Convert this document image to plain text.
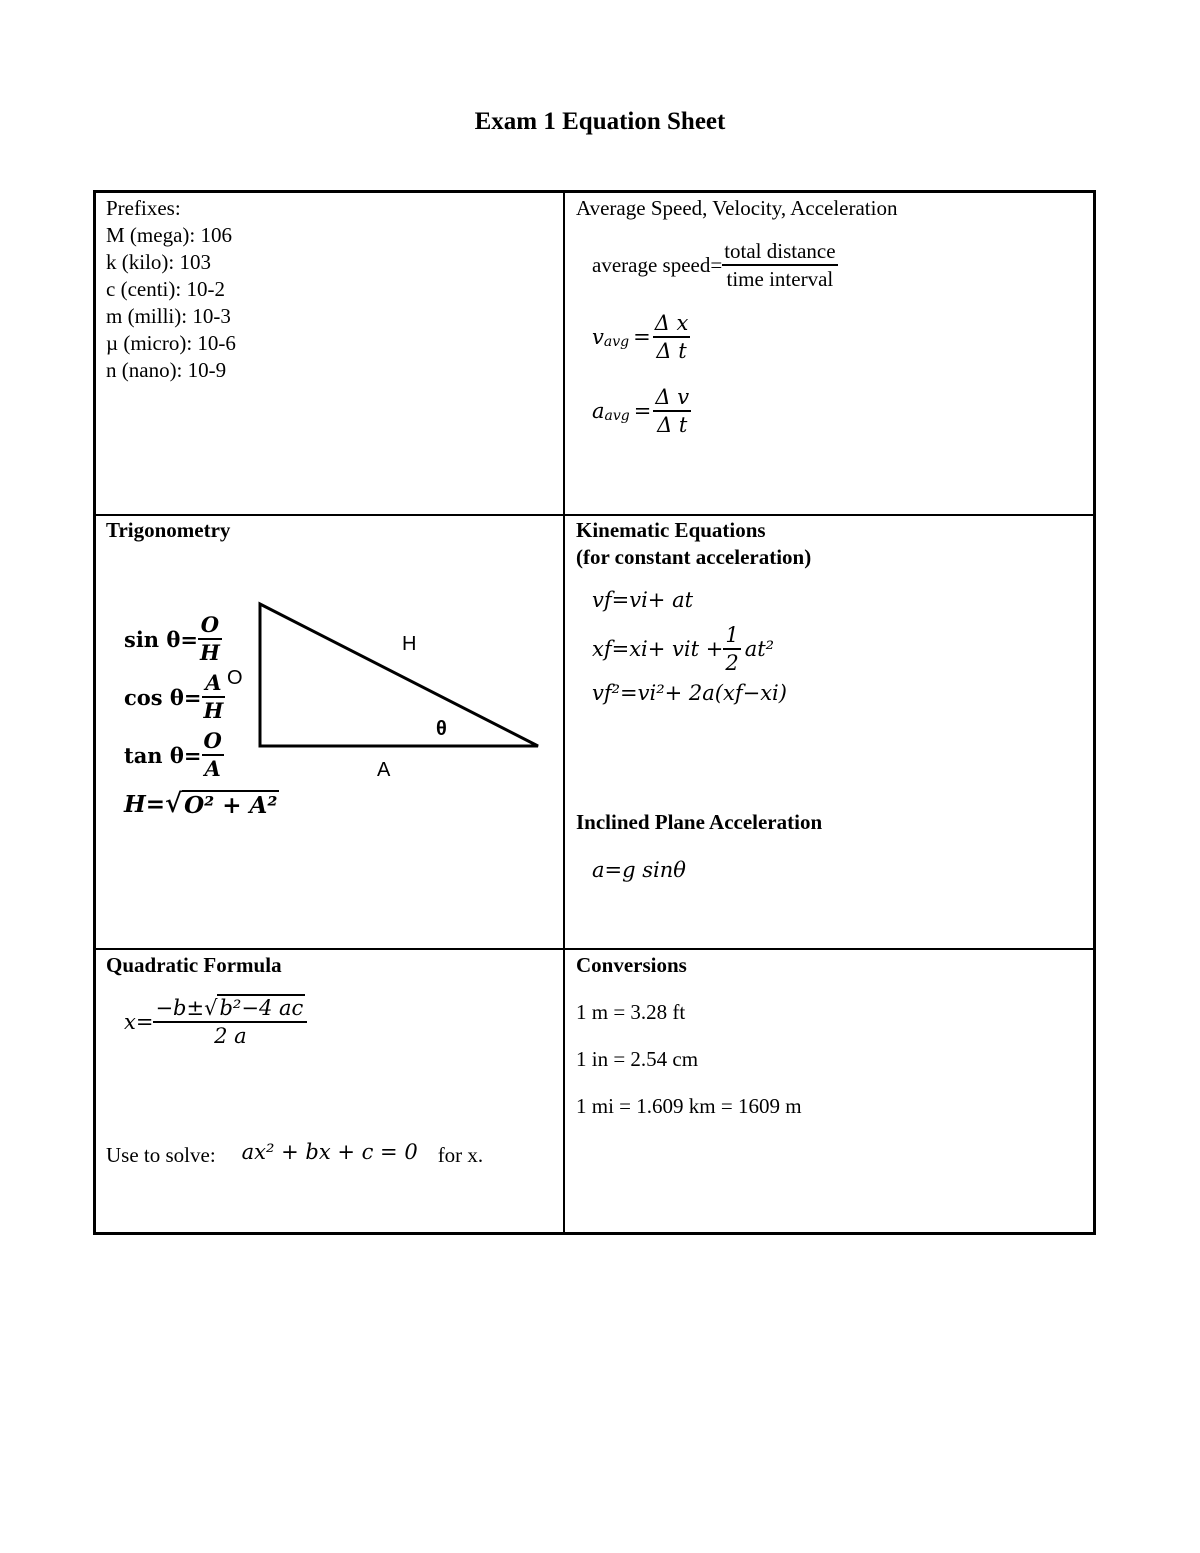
Exam 1 Equation Sheet
Prefixes:
M (mega): 106
k (kilo): 103
c (centi): 10-2
m (milli): 10-3
µ (micro): 10-6
n (nano): 10-9
Average Speed, Velocity, Acceleration
average speed= $\frac{\text{total distance}}{\text{time interval}}$
v avg = $\frac{\text{Δ x}}{\text{Δ t}}$
a avg = $\frac{\text{Δ v}}{\text{Δ t}}$
Trigonometry
$\sin \theta= \frac{O}{H}$
$\cos \theta= \frac{A}{H}$
$\tan \theta= \frac{O}{A}$
H= √ O² + A²
H
O
A
θ
Kinematic Equations
(for constant acceleration)
vf=vi+ at
xf=xi+ vit + $\frac{1}{2} at^2$
vf²=vi²+ 2a(xf−xi)
Inclined Plane Acceleration
a=g sinθ
Quadratic Formula
$x= \frac{\text{−b±√b²−4 ac}}{2 a}$
Use to solve: ax² + bx + c = 0 for x.
Conversions
1 m = 3.28 ft
1 in = 2.54 cm
1 mi = 1.609 km = 1609 m
